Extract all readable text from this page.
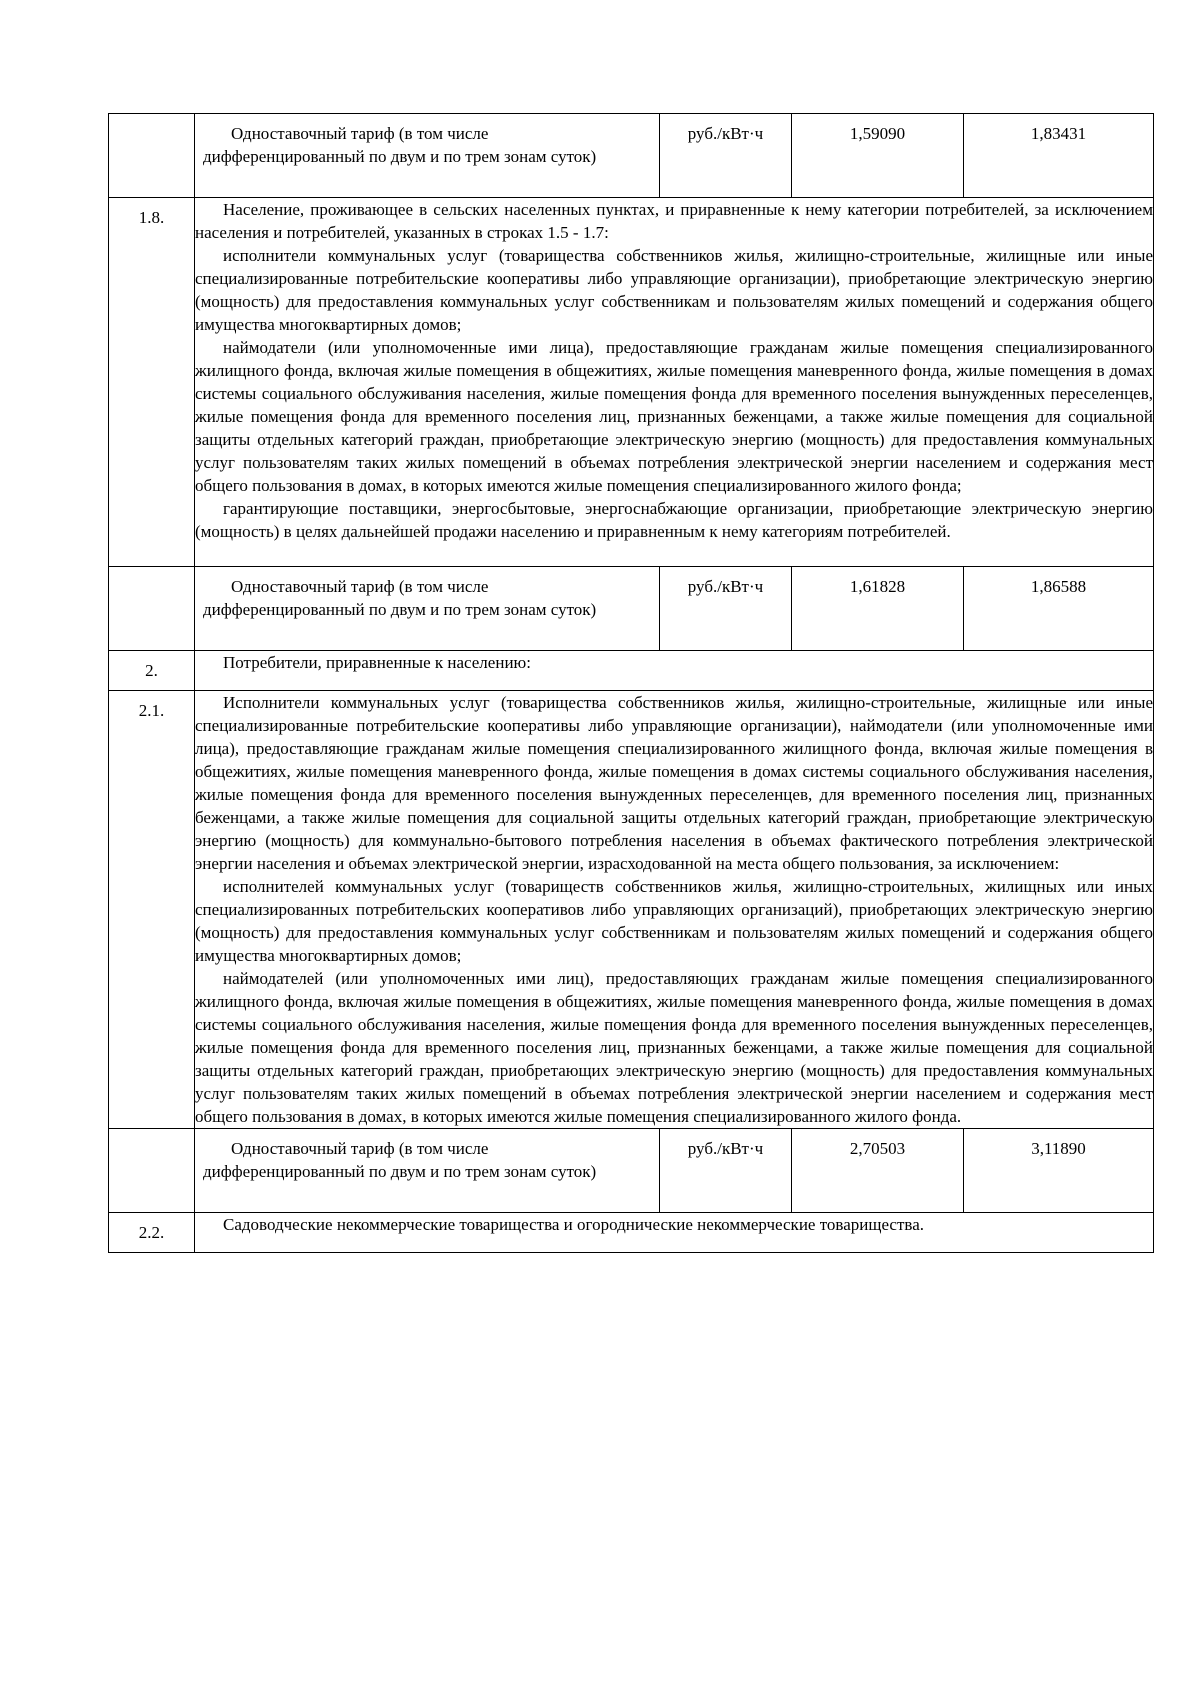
	Одноставочный тариф (в том числе дифференцированный по двум и по трем зонам суток)	руб./кВт·ч	1,59090	1,83431

1.8.	Население, проживающее в сельских населенных пунктах, и приравненные к нему категории потребителей, за исключением населения и потребителей, указанных в строках 1.5 - 1.7:

исполнители коммунальных услуг (товарищества собственников жилья, жилищно-строительные, жилищные или иные специализированные потребительские кооперативы либо управляющие организации), приобретающие электрическую энергию (мощность) для предоставления коммунальных услуг собственникам и пользователям жилых помещений и содержания общего имущества многоквартирных домов;

наймодатели (или уполномоченные ими лица), предоставляющие гражданам жилые помещения специализированного жилищного фонда, включая жилые помещения в общежитиях, жилые помещения маневренного фонда, жилые помещения в домах системы социального обслуживания населения, жилые помещения фонда для временного поселения вынужденных переселенцев, жилые помещения фонда для временного поселения лиц, признанных беженцами, а также жилые помещения для социальной защиты отдельных категорий граждан, приобретающие электрическую энергию (мощность) для предоставления коммунальных услуг пользователям таких жилых помещений в объемах потребления электрической энергии населением и содержания мест общего пользования в домах, в которых имеются жилые помещения специализированного жилого фонда;

гарантирующие поставщики, энергосбытовые, энергоснабжающие организации, приобретающие электрическую энергию (мощность) в целях дальнейшей продажи населению и приравненным к нему категориям потребителей.			

	Одноставочный тариф (в том числе дифференцированный по двум и по трем зонам суток)	руб./кВт·ч	1,61828	1,86588

2.	Потребители, приравненные к населению:			

2.1.	Исполнители коммунальных услуг (товарищества собственников жилья, жилищно-строительные, жилищные или иные специализированные потребительские кооперативы либо управляющие организации), наймодатели (или уполномоченные ими лица), предоставляющие гражданам жилые помещения специализированного жилищного фонда, включая жилые помещения в общежитиях, жилые помещения маневренного фонда, жилые помещения в домах системы социального обслуживания населения, жилые помещения фонда для временного поселения вынужденных переселенцев, для временного поселения лиц, признанных беженцами, а также жилые помещения для социальной защиты отдельных категорий граждан, приобретающие электрическую энергию (мощность) для коммунально-бытового потребления населения в объемах фактического потребления электрической энергии населения и объемах электрической энергии, израсходованной на места общего пользования, за исключением:

исполнителей коммунальных услуг (товариществ собственников жилья, жилищно-строительных, жилищных или иных специализированных потребительских кооперативов либо управляющих организаций), приобретающих электрическую энергию (мощность) для предоставления коммунальных услуг собственникам и пользователям жилых помещений и содержания общего имущества многоквартирных домов;

наймодателей (или уполномоченных ими лиц), предоставляющих гражданам жилые помещения специализированного жилищного фонда, включая жилые помещения в общежитиях, жилые помещения маневренного фонда, жилые помещения в домах системы социального обслуживания населения, жилые помещения фонда для временного поселения вынужденных переселенцев, жилые помещения фонда для временного поселения лиц, признанных беженцами, а также жилые помещения для социальной защиты отдельных категорий граждан, приобретающих электрическую энергию (мощность) для предоставления коммунальных услуг пользователям таких жилых помещений в объемах потребления электрической энергии населением и содержания мест общего пользования в домах, в которых имеются жилые помещения специализированного жилого фонда.			

	Одноставочный тариф (в том числе дифференцированный по двум и по трем зонам суток)	руб./кВт·ч	2,70503	3,11890

2.2.	Садоводческие некоммерческие товарищества и огороднические некоммерческие товарищества.			
